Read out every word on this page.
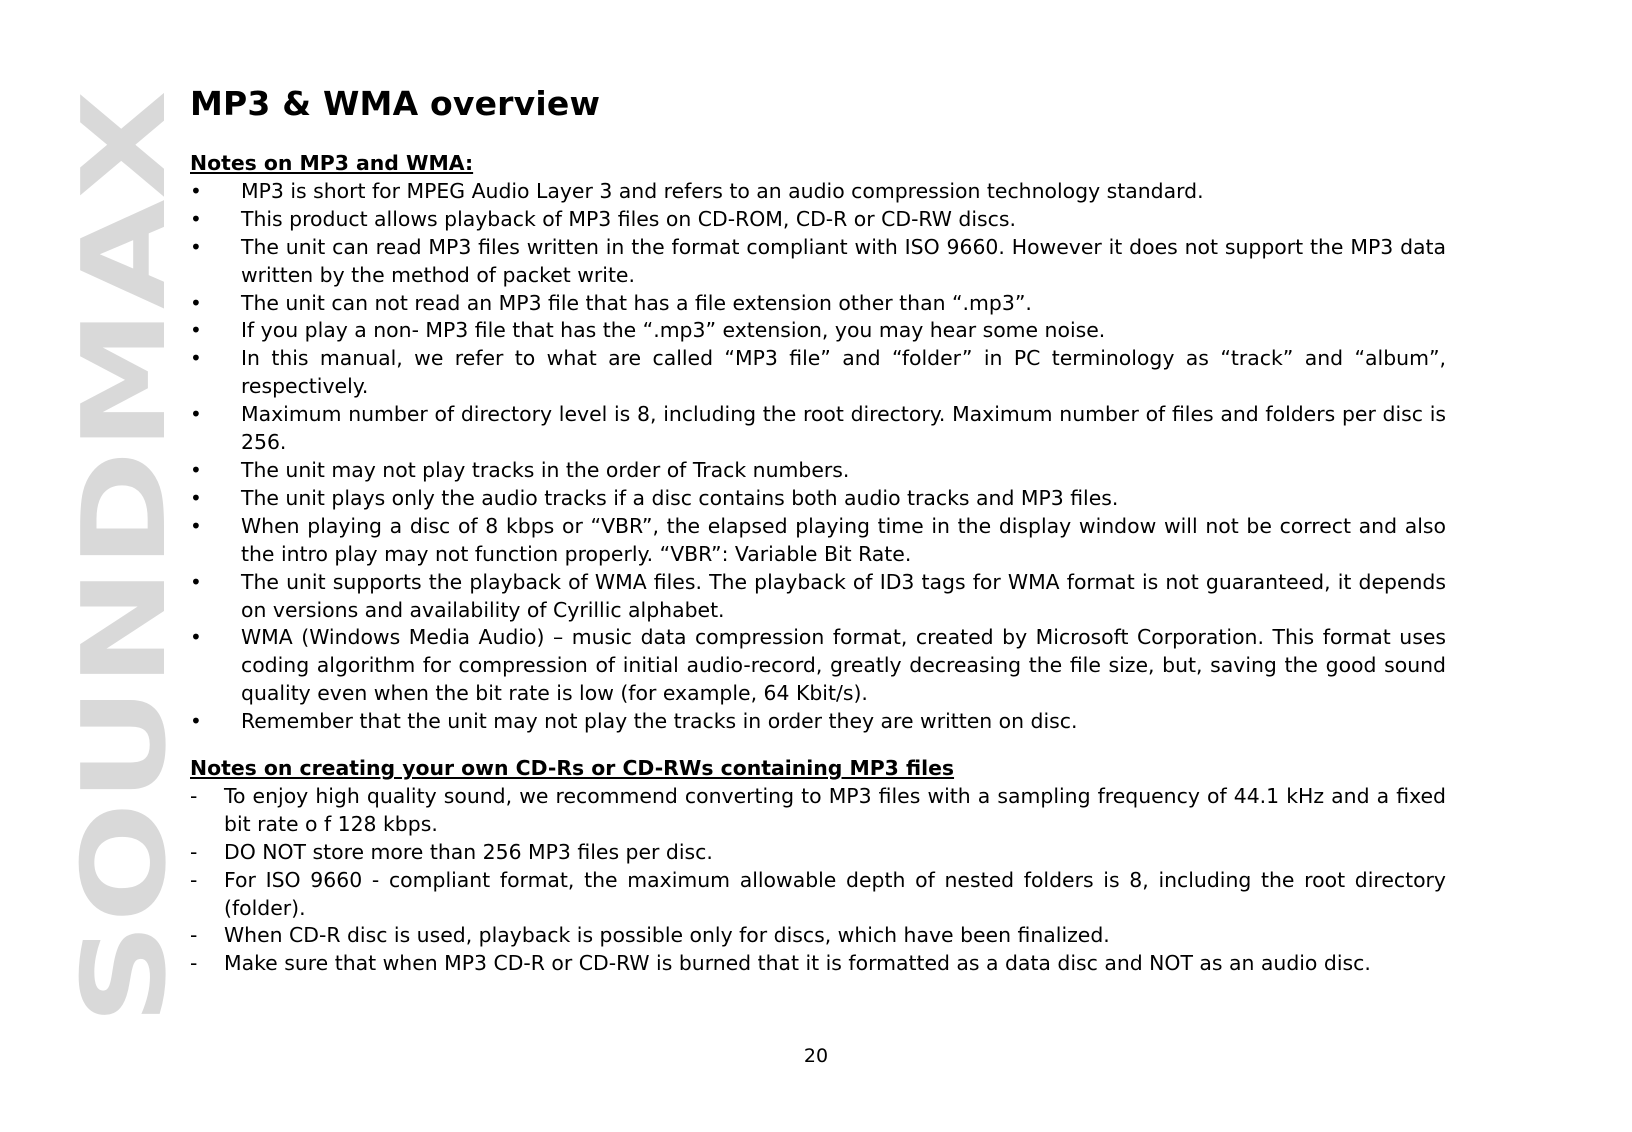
SOUNDMAX
MP3 & WMA overview
Notes on MP3 and WMA:
• MP3 is short for MPEG Audio Layer 3 and refers to an audio compression technology standard.
• This product allows playback of MP3 files on CD-ROM, CD-R or CD-RW discs.
• The unit can read MP3 files written in the format compliant with ISO 9660. However it does not support the MP3 data written by the method of packet write.
• The unit can not read an MP3 file that has a file extension other than “.mp3”.
• If you play a non- MP3 file that has the “.mp3” extension, you may hear some noise.
• In this manual, we refer to what are called “MP3 file” and “folder” in PC terminology as “track” and “album”, respectively.
• Maximum number of directory level is 8, including the root directory. Maximum number of files and folders per disc is 256.
• The unit may not play tracks in the order of Track numbers.
• The unit plays only the audio tracks if a disc contains both audio tracks and MP3 files.
• When playing a disc of 8 kbps or “VBR”, the elapsed playing time in the display window will not be correct and also the intro play may not function properly. “VBR”: Variable Bit Rate.
• The unit supports the playback of WMA files. The playback of ID3 tags for WMA format is not guaranteed, it depends on versions and availability of Cyrillic alphabet.
• WMA (Windows Media Audio) – music data compression format, created by Microsoft Corporation. This format uses coding algorithm for compression of initial audio-record, greatly decreasing the file size, but, saving the good sound quality even when the bit rate is low (for example, 64 Kbit/s).
• Remember that the unit may not play the tracks in order they are written on disc.
Notes on creating your own CD-Rs or CD-RWs containing MP3 files
- To enjoy high quality sound, we recommend converting to MP3 files with a sampling frequency of 44.1 kHz and a fixed bit rate o f 128 kbps.
- DO NOT store more than 256 MP3 files per disc.
- For ISO 9660 - compliant format, the maximum allowable depth of nested folders is 8, including the root directory (folder).
- When CD-R disc is used, playback is possible only for discs, which have been finalized.
- Make sure that when MP3 CD-R or CD-RW is burned that it is formatted as a data disc and NOT as an audio disc.
20
